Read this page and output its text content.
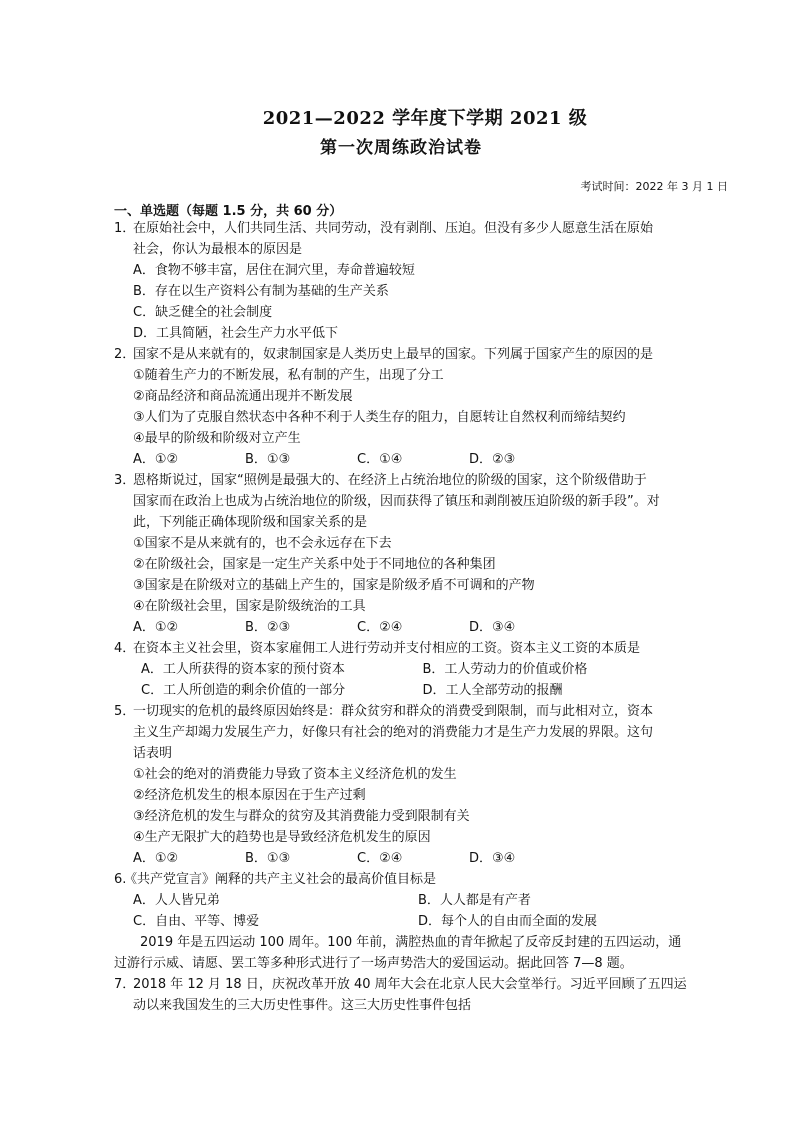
2021—2022 学年度下学期 2021 级
第一次周练政治试卷
考试时间：2022 年 3 月 1 日
一、单选题（每题 1.5 分，共 60 分）
1．

在原始社会中，人们共同生活、共同劳动，没有剥削、压迫。但没有多少人愿意生活在原始

社会，你认为最根本的原因是

A．食物不够丰富，居住在洞穴里，寿命普遍较短

B．存在以生产资料公有制为基础的生产关系

C．缺乏健全的社会制度

D．工具简陋，社会生产力水平低下

2．

国家不是从来就有的，奴隶制国家是人类历史上最早的国家。下列属于国家产生的原因的是

①随着生产力的不断发展，私有制的产生，出现了分工

②商品经济和商品流通出现并不断发展

③人们为了克服自然状态中各种不利于人类生存的阻力，自愿转让自然权利而缔结契约

④最早的阶级和阶级对立产生

A．①②	B．①③	C．①④	D．②③
3．

恩格斯说过，国家“照例是最强大的、在经济上占统治地位的阶级的国家，这个阶级借助于

国家而在政治上也成为占统治地位的阶级，因而获得了镇压和剥削被压迫阶级的新手段”。对

此，下列能正确体现阶级和国家关系的是

①国家不是从来就有的，也不会永远存在下去

②在阶级社会，国家是一定生产关系中处于不同地位的各种集团

③国家是在阶级对立的基础上产生的，国家是阶级矛盾不可调和的产物

④在阶级社会里，国家是阶级统治的工具

A．①②	B．②③	C．②④	D．③④
4．

在资本主义社会里，资本家雇佣工人进行劳动并支付相应的工资。资本主义工资的本质是

A．工人所获得的资本家的预付资本	B．工人劳动力的价值或价格
C．工人所创造的剩余价值的一部分	D．工人全部劳动的报酬
5．

一切现实的危机的最终原因始终是：群众贫穷和群众的消费受到限制，而与此相对立，资本

主义生产却竭力发展生产力，好像只有社会的绝对的消费能力才是生产力发展的界限。这句

话表明

①社会的绝对的消费能力导致了资本主义经济危机的发生

②经济危机发生的根本原因在于生产过剩

③经济危机的发生与群众的贫穷及其消费能力受到限制有关

④生产无限扩大的趋势也是导致经济危机发生的原因

A．①②	B．①③	C．②④	D．③④
6.

《共产党宣言》阐释的共产主义社会的最高价值目标是

A．人人皆兄弟	B．人人都是有产者
C．自由、平等、博爱	D．每个人的自由而全面的发展

2019 年是五四运动 100 周年。100 年前，满腔热血的青年掀起了反帝反封建的五四运动，通

过游行示威、请愿、罢工等多种形式进行了一场声势浩大的爱国运动。据此回答 7—8 题。

7．

2018 年 12 月 18 日，庆祝改革开放 40 周年大会在北京人民大会堂举行。习近平回顾了五四运

动以来我国发生的三大历史性事件。这三大历史性事件包括
